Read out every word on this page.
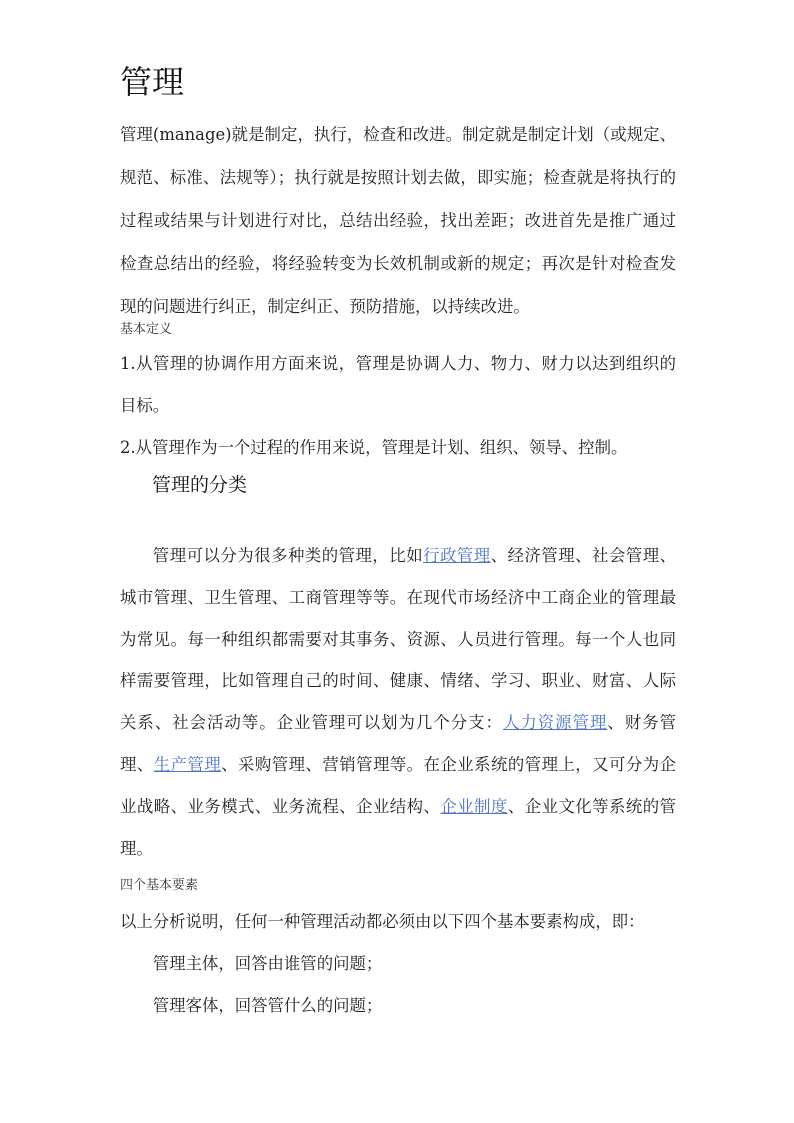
管理

管理(manage)就是制定，执行，检查和改进。制定就是制定计划（或规定、规范、标准、法规等）；执行就是按照计划去做，即实施；检查就是将执行的过程或结果与计划进行对比，总结出经验，找出差距；改进首先是推广通过检查总结出的经验，将经验转变为长效机制或新的规定；再次是针对检查发现的问题进行纠正，制定纠正、预防措施，以持续改进。

基本定义
1.从管理的协调作用方面来说，管理是协调人力、物力、财力以达到组织的目标。
2.从管理作为一个过程的作用来说，管理是计划、组织、领导、控制。
管理的分类

管理可以分为很多种类的管理，比如行政管理、经济管理、社会管理、城市管理、卫生管理、工商管理等等。在现代市场经济中工商企业的管理最为常见。每一种组织都需要对其事务、资源、人员进行管理。每一个人也同样需要管理，比如管理自己的时间、健康、情绪、学习、职业、财富、人际关系、社会活动等。企业管理可以划为几个分支：人力资源管理、财务管理、生产管理、采购管理、营销管理等。在企业系统的管理上，又可分为企业战略、业务模式、业务流程、企业结构、企业制度、企业文化等系统的管理。

四个基本要素
以上分析说明，任何一种管理活动都必须由以下四个基本要素构成，即：
管理主体，回答由谁管的问题；
管理客体，回答管什么的问题；
